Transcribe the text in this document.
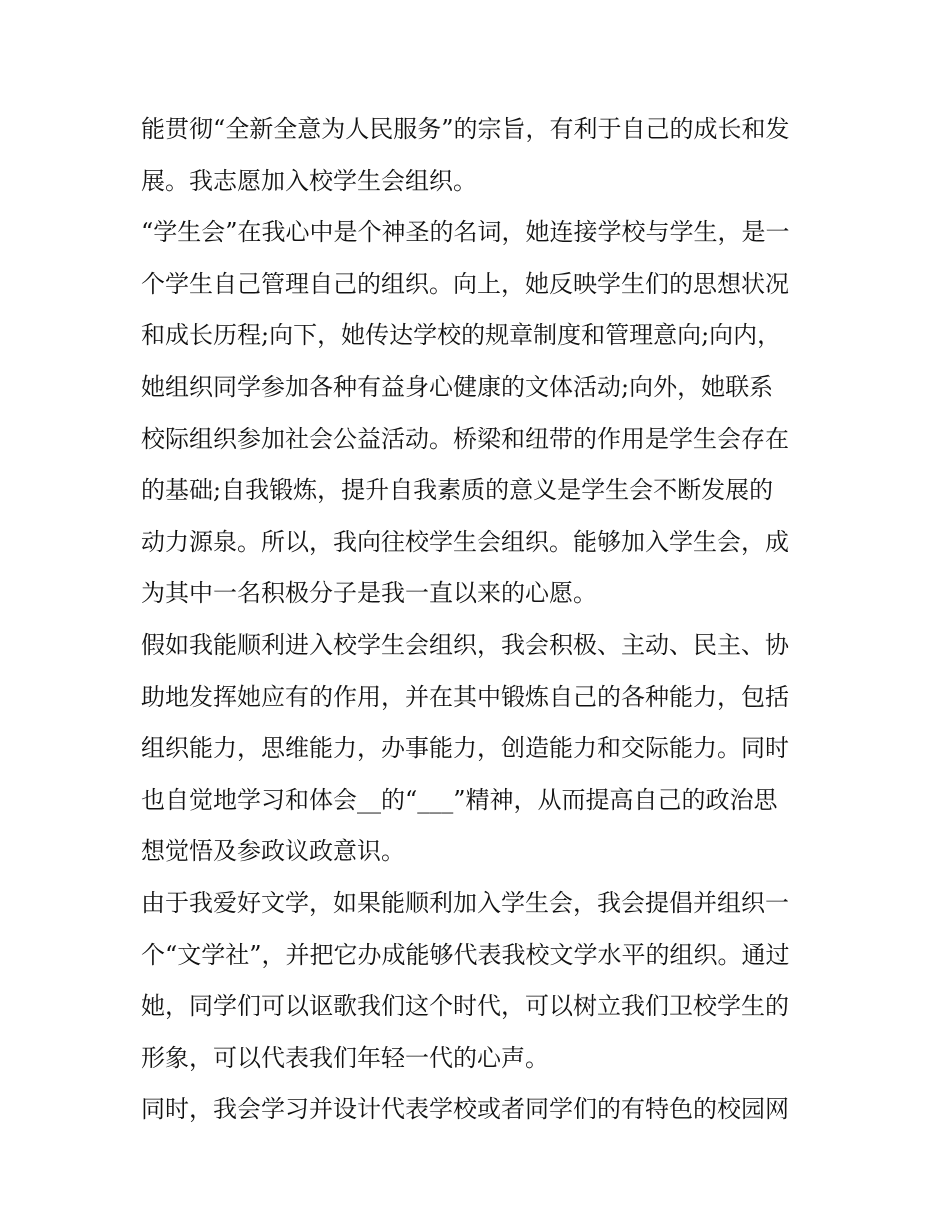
能贯彻“全新全意为人民服务”的宗旨，有利于自己的成长和发
展。我志愿加入校学生会组织。
“学生会”在我心中是个神圣的名词，她连接学校与学生，是一
个学生自己管理自己的组织。向上，她反映学生们的思想状况
和成长历程;向下，她传达学校的规章制度和管理意向;向内，
她组织同学参加各种有益身心健康的文体活动;向外，她联系
校际组织参加社会公益活动。桥梁和纽带的作用是学生会存在
的基础;自我锻炼，提升自我素质的意义是学生会不断发展的
动力源泉。所以，我向往校学生会组织。能够加入学生会，成
为其中一名积极分子是我一直以来的心愿。
假如我能顺利进入校学生会组织，我会积极、主动、民主、协
助地发挥她应有的作用，并在其中锻炼自己的各种能力，包括
组织能力，思维能力，办事能力，创造能力和交际能力。同时
也自觉地学习和体会__的“___”精神，从而提高自己的政治思
想觉悟及参政议政意识。
由于我爱好文学，如果能顺利加入学生会，我会提倡并组织一
个“文学社”，并把它办成能够代表我校文学水平的组织。通过
她，同学们可以讴歌我们这个时代，可以树立我们卫校学生的
形象，可以代表我们年轻一代的心声。
同时，我会学习并设计代表学校或者同学们的有特色的校园网
